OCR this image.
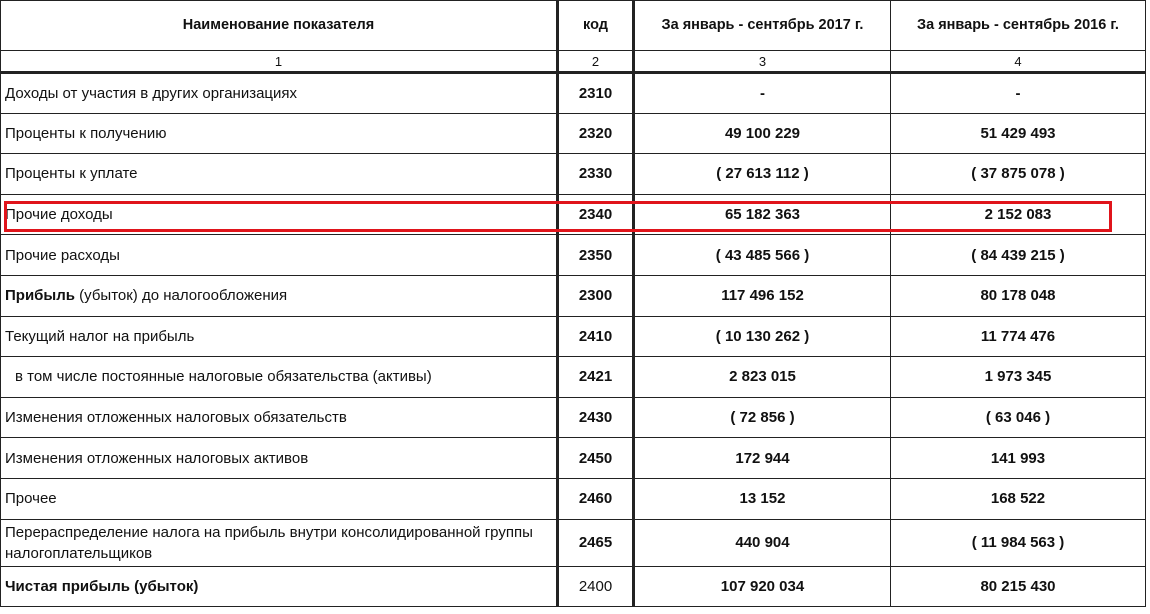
Наименование показателя	код	За январь - сентябрь 2017 г.	За январь - сентябрь 2016 г.
1	2	3	4
Доходы от участия в других организациях	2310	-	-
Проценты к получению	2320	49 100 229	51 429 493
Проценты к уплате	2330	( 27 613 112 )	( 37 875 078 )
Прочие доходы	2340	65 182 363	2 152 083
Прочие расходы	2350	( 43 485 566 )	( 84 439 215 )
Прибыль (убыток) до налогообложения	2300	117 496 152	80 178 048
Текущий налог на прибыль	2410	( 10 130 262 )	11 774 476
в том числе постоянные налоговые обязательства (активы)	2421	2 823 015	1 973 345
Изменения отложенных налоговых обязательств	2430	( 72 856 )	( 63 046 )
Изменения отложенных налоговых активов	2450	172 944	141 993
Прочее	2460	13 152	168 522
Перераспределение налога на прибыль внутри консолидированной группы налогоплательщиков	2465	440 904	( 11 984 563 )
Чистая прибыль (убыток)	2400	107 920 034	80 215 430
